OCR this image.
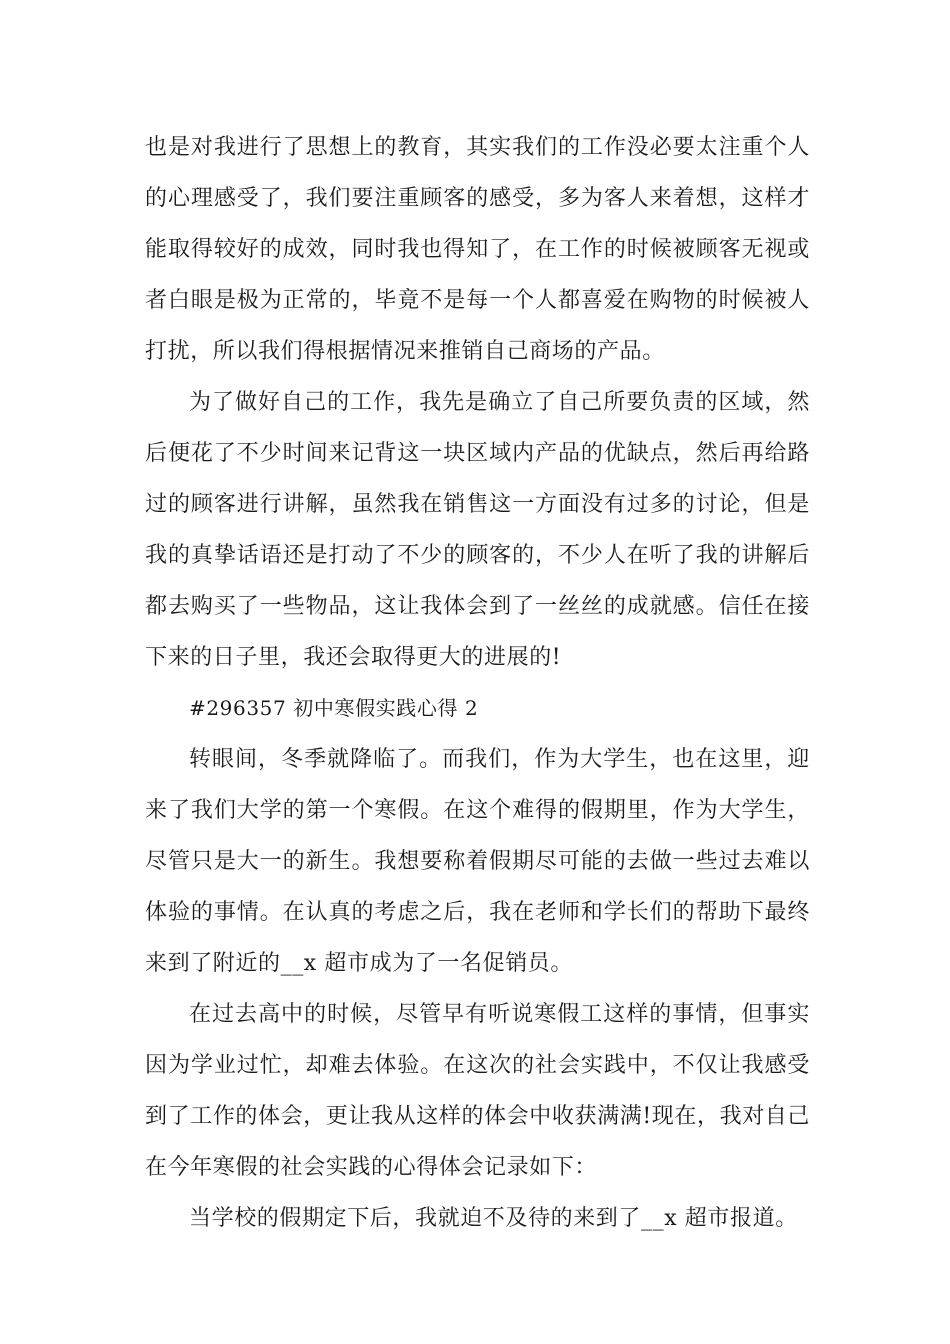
也是对我进行了思想上的教育，其实我们的工作没必要太注重个人的心理感受了，我们要注重顾客的感受，多为客人来着想，这样才能取得较好的成效，同时我也得知了，在工作的时候被顾客无视或者白眼是极为正常的，毕竟不是每一个人都喜爱在购物的时候被人打扰，所以我们得根据情况来推销自己商场的产品。

为了做好自己的工作，我先是确立了自己所要负责的区域，然后便花了不少时间来记背这一块区域内产品的优缺点，然后再给路过的顾客进行讲解，虽然我在销售这一方面没有过多的讨论，但是我的真挚话语还是打动了不少的顾客的，不少人在听了我的讲解后都去购买了一些物品，这让我体会到了一丝丝的成就感。信任在接下来的日子里，我还会取得更大的进展的!

#296357 初中寒假实践心得 2

转眼间，冬季就降临了。而我们，作为大学生，也在这里，迎来了我们大学的第一个寒假。在这个难得的假期里，作为大学生，尽管只是大一的新生。我想要称着假期尽可能的去做一些过去难以体验的事情。在认真的考虑之后，我在老师和学长们的帮助下最终来到了附近的__x 超市成为了一名促销员。

在过去高中的时候，尽管早有听说寒假工这样的事情，但事实因为学业过忙，却难去体验。在这次的社会实践中，不仅让我感受到了工作的体会，更让我从这样的体会中收获满满!现在，我对自己在今年寒假的社会实践的心得体会记录如下：

当学校的假期定下后，我就迫不及待的来到了__x 超市报道。
